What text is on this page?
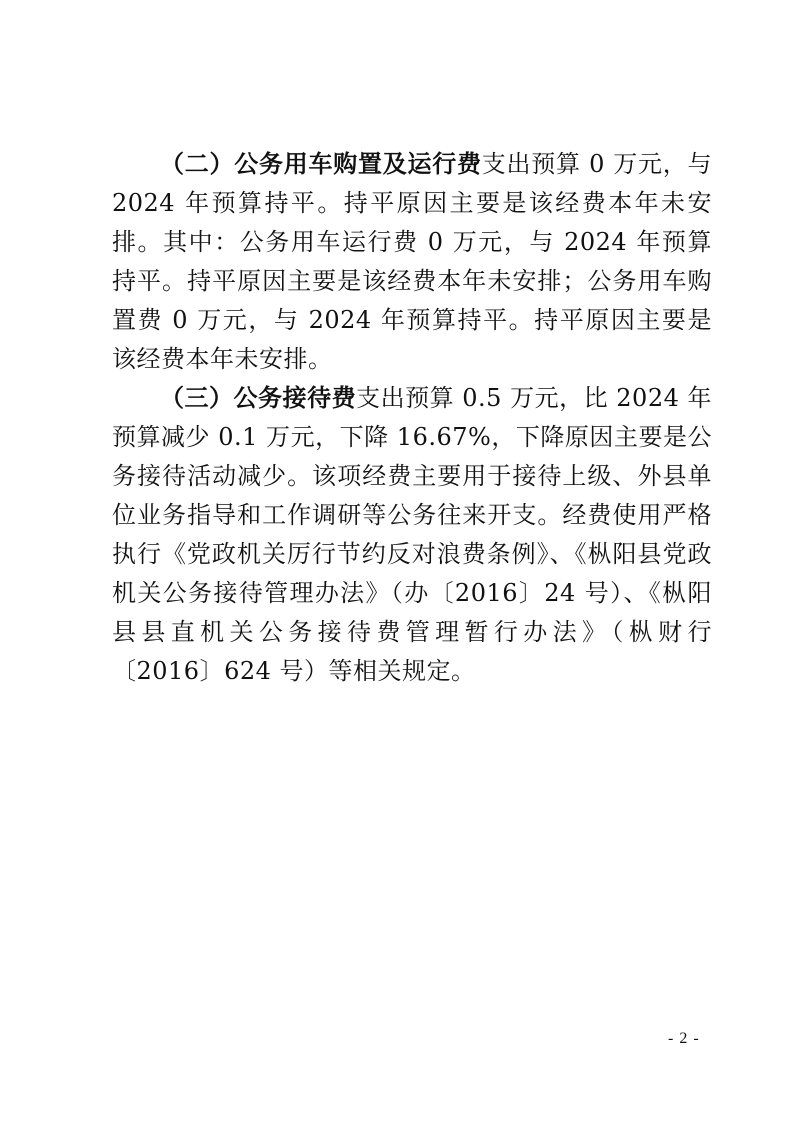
（二）公务用车购置及运行费支出预算 0 万元，与 2024 年预算持平。持平原因主要是该经费本年未安排。其中：公务用车运行费 0 万元，与 2024 年预算持平。持平原因主要是该经费本年未安排；公务用车购置费 0 万元，与 2024 年预算持平。持平原因主要是该经费本年未安排。

（三）公务接待费支出预算 0.5 万元，比 2024 年预算减少 0.1 万元，下降 16.67%，下降原因主要是公务接待活动减少。该项经费主要用于接待上级、外县单位业务指导和工作调研等公务往来开支。经费使用严格执行《党政机关厉行节约反对浪费条例》、《枞阳县党政机关公务接待管理办法》（办〔2016〕24 号）、《枞阳县县直机关公务接待费管理暂行办法》（枞财行〔2016〕624 号）等相关规定。

- 2 -
